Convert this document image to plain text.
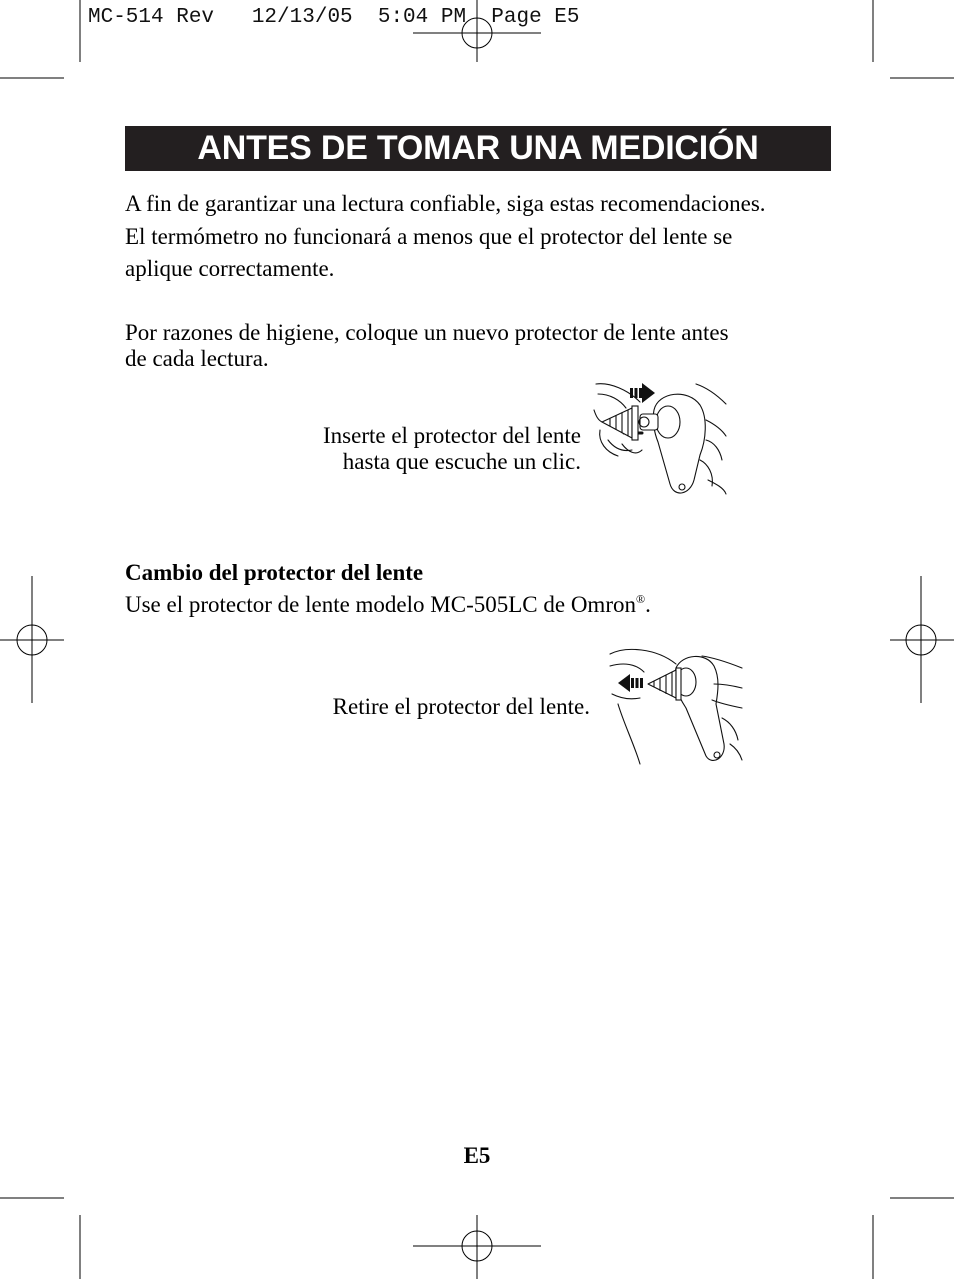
MC-514 Rev   12/13/05  5:04 PM  Page E5
ANTES DE TOMAR UNA MEDICIÓN
A fin de garantizar una lectura confiable, siga estas recomendaciones.
El termómetro no funcionará a menos que el protector del lente se
aplique correctamente.
Por razones de higiene, coloque un nuevo protector de lente antes
de cada lectura.
Inserte el protector del lente
hasta que escuche un clic.
Cambio del protector del lente
Use el protector de lente modelo MC-505LC de Omron®.
Retire el protector del lente.
E5
